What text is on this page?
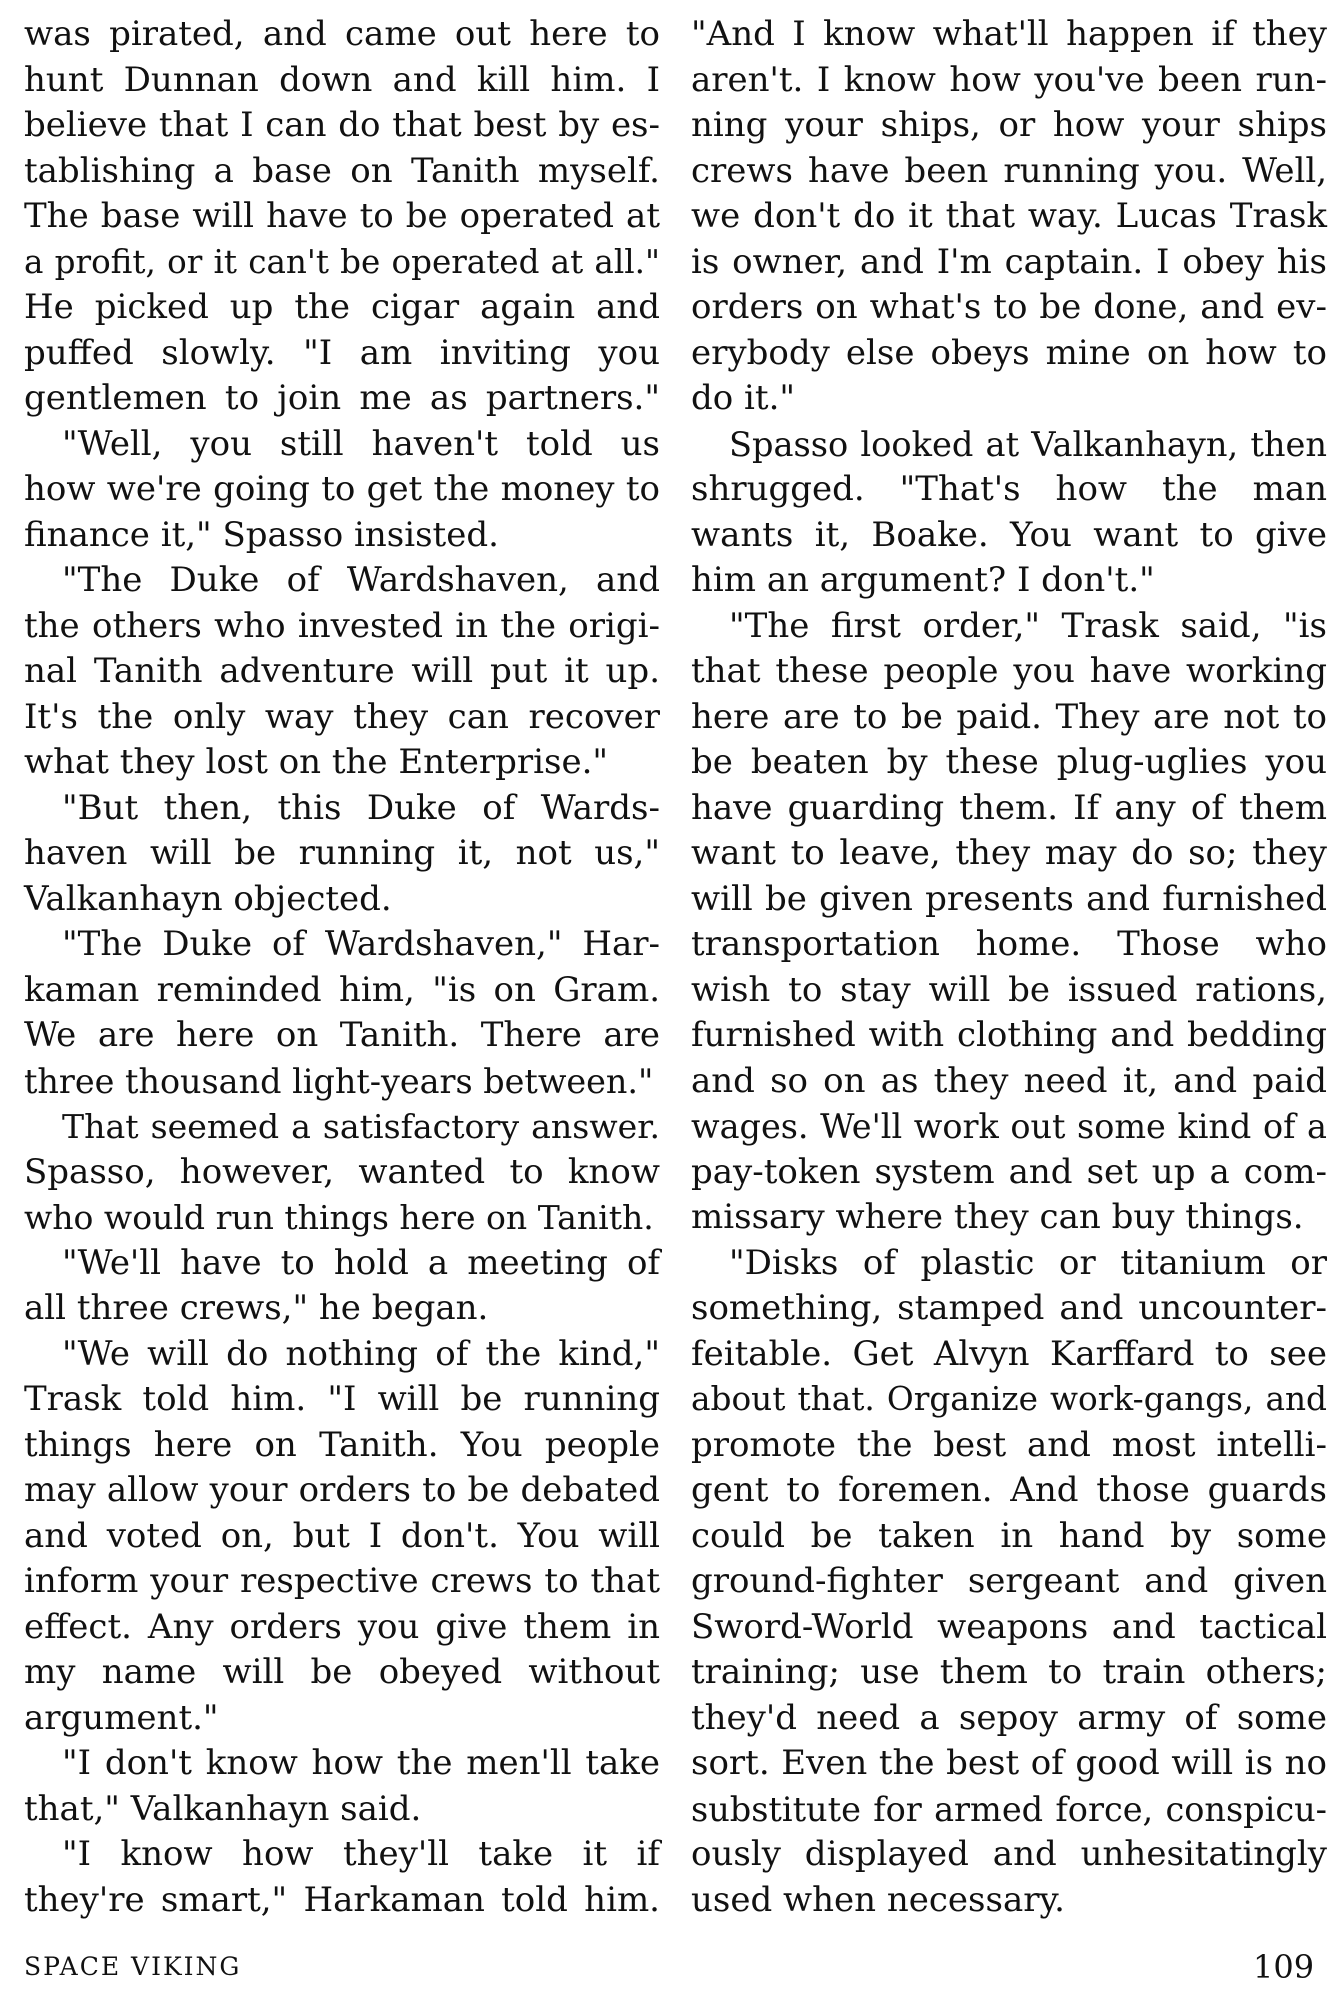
was pirated, and came out here to
hunt Dunnan down and kill him. I
believe that I can do that best by es-
tablishing a base on Tanith myself.
The base will have to be operated at
a profit, or it can't be operated at all."
He picked up the cigar again and
puffed slowly. "I am inviting you
gentlemen to join me as partners."
"Well, you still haven't told us
how we're going to get the money to
finance it," Spasso insisted.
"The Duke of Wardshaven, and
the others who invested in the origi-
nal Tanith adventure will put it up.
It's the only way they can recover
what they lost on the Enterprise."
"But then, this Duke of Wards-
haven will be running it, not us,"
Valkanhayn objected.
"The Duke of Wardshaven," Har-
kaman reminded him, "is on Gram.
We are here on Tanith. There are
three thousand light-years between."
That seemed a satisfactory answer.
Spasso, however, wanted to know
who would run things here on Tanith.
"We'll have to hold a meeting of
all three crews," he began.
"We will do nothing of the kind,"
Trask told him. "I will be running
things here on Tanith. You people
may allow your orders to be debated
and voted on, but I don't. You will
inform your respective crews to that
effect. Any orders you give them in
my name will be obeyed without
argument."
"I don't know how the men'll take
that," Valkanhayn said.
"I know how they'll take it if
they're smart," Harkaman told him.
"And I know what'll happen if they
aren't. I know how you've been run-
ning your ships, or how your ships
crews have been running you. Well,
we don't do it that way. Lucas Trask
is owner, and I'm captain. I obey his
orders on what's to be done, and ev-
erybody else obeys mine on how to
do it."
Spasso looked at Valkanhayn, then
shrugged. "That's how the man
wants it, Boake. You want to give
him an argument? I don't."
"The first order," Trask said, "is
that these people you have working
here are to be paid. They are not to
be beaten by these plug-uglies you
have guarding them. If any of them
want to leave, they may do so; they
will be given presents and furnished
transportation home. Those who
wish to stay will be issued rations,
furnished with clothing and bedding
and so on as they need it, and paid
wages. We'll work out some kind of a
pay-token system and set up a com-
missary where they can buy things.
"Disks of plastic or titanium or
something, stamped and uncounter-
feitable. Get Alvyn Karffard to see
about that. Organize work-gangs, and
promote the best and most intelli-
gent to foremen. And those guards
could be taken in hand by some
ground-fighter sergeant and given
Sword-World weapons and tactical
training; use them to train others;
they'd need a sepoy army of some
sort. Even the best of good will is no
substitute for armed force, conspicu-
ously displayed and unhesitatingly
used when necessary.
SPACE VIKING	109
